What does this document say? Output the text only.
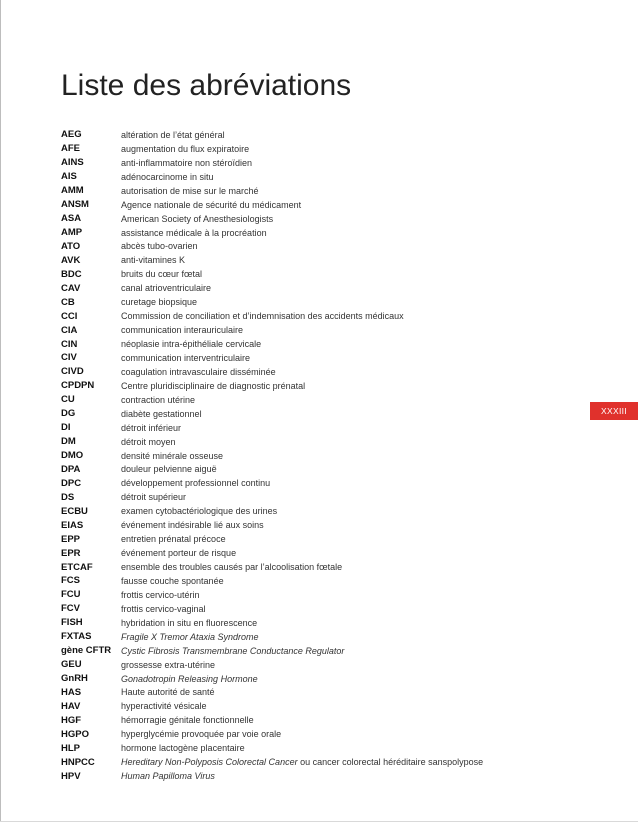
Liste des abréviations
AEG	altération de l’état général
AFE	augmentation du flux expiratoire
AINS	anti-inflammatoire non stéroïdien
AIS	adénocarcinome in situ
AMM	autorisation de mise sur le marché
ANSM	Agence nationale de sécurité du médicament
ASA	American Society of Anesthesiologists
AMP	assistance médicale à la procréation
ATO	abcès tubo-ovarien
AVK	anti-vitamines K
BDC	bruits du cœur fœtal
CAV	canal atrioventriculaire
CB	curetage biopsique
CCI	Commission de conciliation et d’indemnisation des accidents médicaux
CIA	communication interauriculaire
CIN	néoplasie intra-épithéliale cervicale
CIV	communication interventriculaire
CIVD	coagulation intravasculaire disséminée
CPDPN	Centre pluridisciplinaire de diagnostic prénatal
CU	contraction utérine
DG	diabète gestationnel
DI	détroit inférieur
DM	détroit moyen
DMO	densité minérale osseuse
DPA	douleur pelvienne aiguë
DPC	développement professionnel continu
DS	détroit supérieur
ECBU	examen cytobactériologique des urines
EIAS	événement indésirable lié aux soins
EPP	entretien prénatal précoce
EPR	événement porteur de risque
ETCAF	ensemble des troubles causés par l’alcoolisation fœtale
FCS	fausse couche spontanée
FCU	frottis cervico-utérin
FCV	frottis cervico-vaginal
FISH	hybridation in situ en fluorescence
FXTAS	Fragile X Tremor Ataxia Syndrome
gène CFTR	Cystic Fibrosis Transmembrane Conductance Regulator
GEU	grossesse extra-utérine
GnRH	Gonadotropin Releasing Hormone
HAS	Haute autorité de santé
HAV	hyperactivité vésicale
HGF	hémorragie génitale fonctionnelle
HGPO	hyperglycémie provoquée par voie orale
HLP	hormone lactogène placentaire
HNPCC	Hereditary Non-Polyposis Colorectal Cancer ou cancer colorectal héréditaire sanspolypose
HPV	Human Papilloma Virus
XXXIII
